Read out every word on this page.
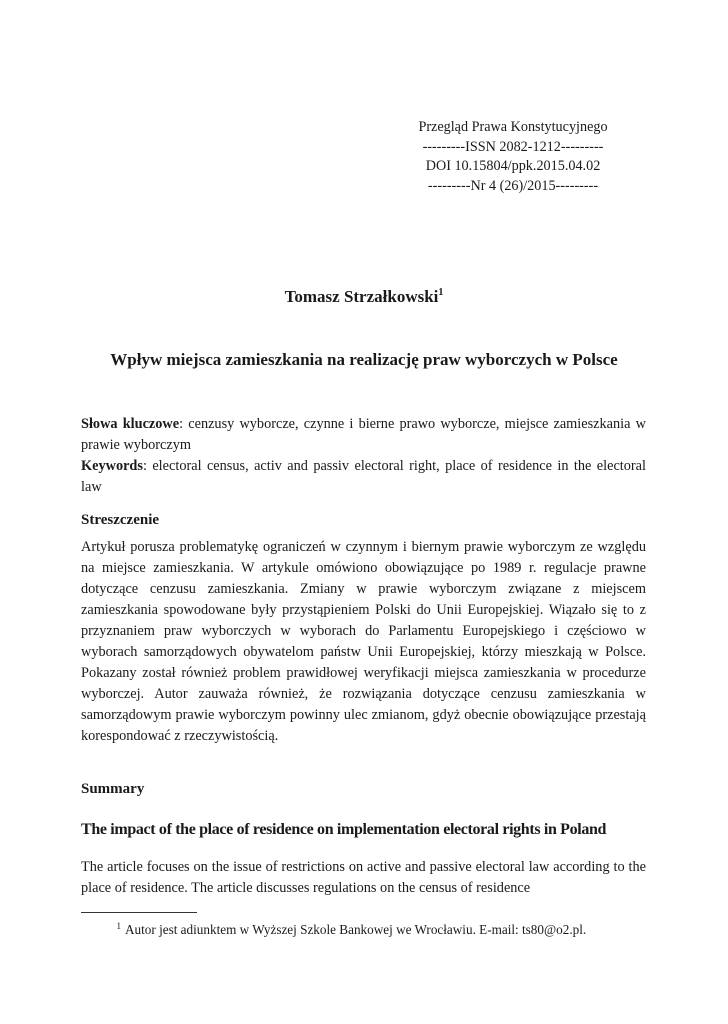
Przegląd Prawa Konstytucyjnego
---------ISSN 2082-1212---------
DOI 10.15804/ppk.2015.04.02
---------Nr 4 (26)/2015---------
Tomasz Strzałkowski$^1$
Wpływ miejsca zamieszkania na realizację praw wyborczych w Polsce

Słowa kluczowe: cenzusy wyborcze, czynne i bierne prawo wyborcze, miejsce zamieszkania w prawie wyborczym

Keywords: electoral census, activ and passiv electoral right, place of residence in the electoral law

Streszczenie

Artykuł porusza problematykę ograniczeń w czynnym i biernym prawie wyborczym ze względu na miejsce zamieszkania. W artykule omówiono obowiązujące po 1989 r. regulacje prawne dotyczące cenzusu zamieszkania. Zmiany w prawie wyborczym związane z miejscem zamieszkania spowodowane były przystąpieniem Polski do Unii Europejskiej. Wiązało się to z przyznaniem praw wyborczych w wyborach do Parlamentu Europejskiego i częściowo w wyborach samorządowych obywatelom państw Unii Europejskiej, którzy mieszkają w Polsce. Pokazany został również problem prawidłowej weryfikacji miejsca zamieszkania w procedurze wyborczej. Autor zauważa również, że rozwiązania dotyczące cenzusu zamieszkania w samorządowym prawie wyborczym powinny ulec zmianom, gdyż obecnie obowiązujące przestają korespondować z rzeczywistością.

Summary
The impact of the place of residence on implementation electoral rights in Poland

The article focuses on the issue of restrictions on active and passive electoral law according to the place of residence. The article discusses regulations on the census of residence

1 Autor jest adiunktem w Wyższej Szkole Bankowej we Wrocławiu. E-mail: ts80@o2.pl.
